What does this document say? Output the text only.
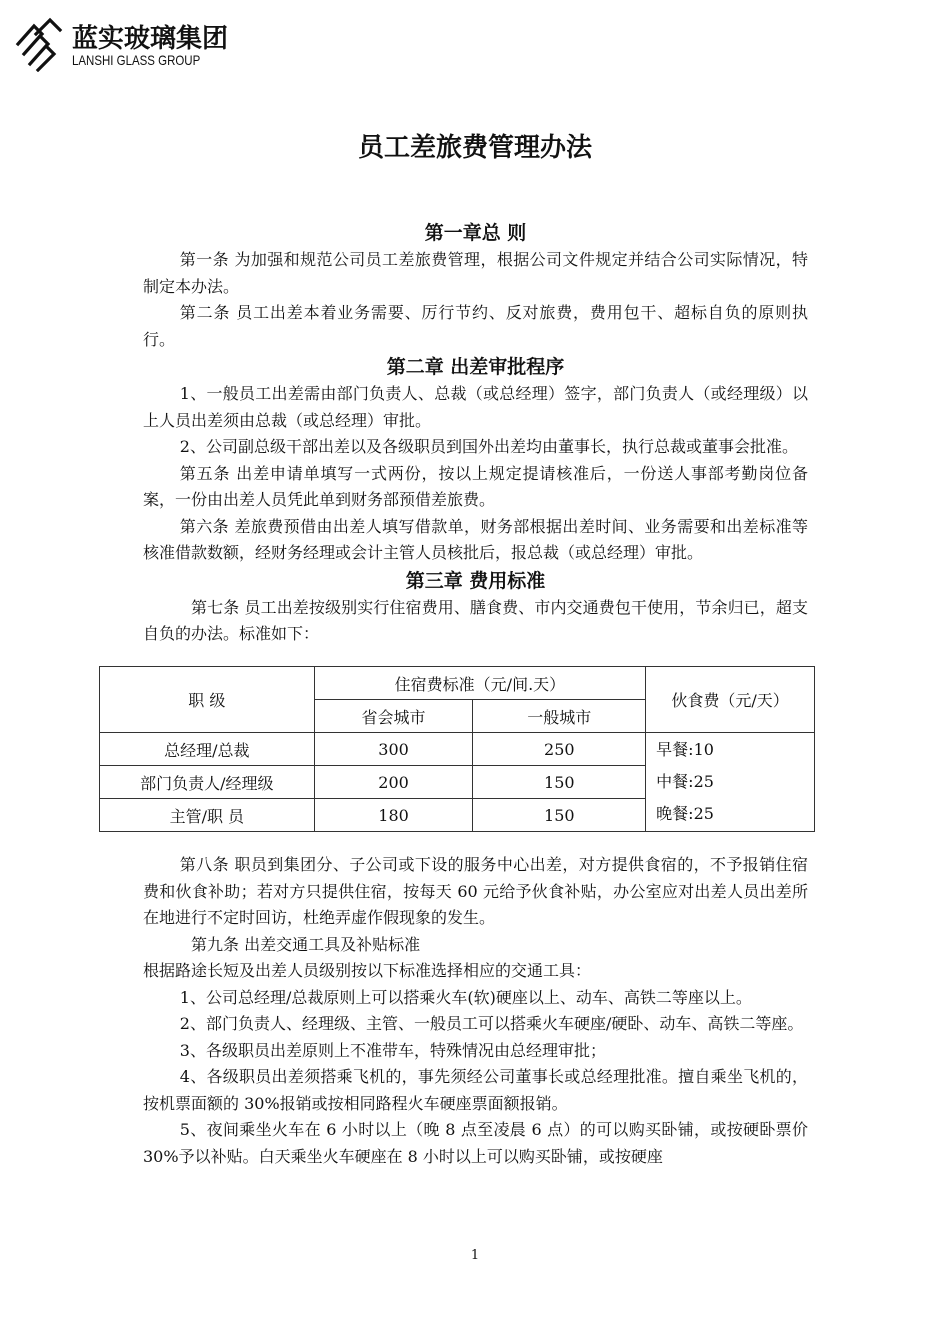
蓝实玻璃集团
LANSHI GLASS GROUP
员工差旅费管理办法
第一章总 则

第一条 为加强和规范公司员工差旅费管理，根据公司文件规定并结合公司实际情况，特制定本办法。

第二条 员工出差本着业务需要、厉行节约、反对旅费，费用包干、超标自负的原则执行。

第二章 出差审批程序

1、一般员工出差需由部门负责人、总裁（或总经理）签字，部门负责人（或经理级）以上人员出差须由总裁（或总经理）审批。

2、公司副总级干部出差以及各级职员到国外出差均由董事长，执行总裁或董事会批准。

第五条 出差申请单填写一式两份，按以上规定提请核准后，一份送人事部考勤岗位备案，一份由出差人员凭此单到财务部预借差旅费。

第六条 差旅费预借由出差人填写借款单，财务部根据出差时间、业务需要和出差标准等核准借款数额，经财务经理或会计主管人员核批后，报总裁（或总经理）审批。

第三章 费用标准

第七条 员工出差按级别实行住宿费用、膳食费、市内交通费包干使用，节余归已，超支自负的办法。标准如下：

职 级	住宿费标准（元/间.天）		伙食费（元/天）
	省会城市	一般城市	
总经理/总裁	300	250	早餐:10
中餐:25
晚餐:25

部门负责人/经理级	200	150	
主管/职 员	180	150	

第八条 职员到集团分、子公司或下设的服务中心出差，对方提供食宿的，不予报销住宿费和伙食补助；若对方只提供住宿，按每天 60 元给予伙食补贴，办公室应对出差人员出差所在地进行不定时回访，杜绝弄虚作假现象的发生。

第九条 出差交通工具及补贴标准

根据路途长短及出差人员级别按以下标准选择相应的交通工具：

1、公司总经理/总裁原则上可以搭乘火车(软)硬座以上、动车、高铁二等座以上。

2、部门负责人、经理级、主管、一般员工可以搭乘火车硬座/硬卧、动车、高铁二等座。

3、各级职员出差原则上不准带车，特殊情况由总经理审批；

4、各级职员出差须搭乘飞机的，事先须经公司董事长或总经理批准。擅自乘坐飞机的，按机票面额的 30%报销或按相同路程火车硬座票面额报销。

5、夜间乘坐火车在 6 小时以上（晚 8 点至凌晨 6 点）的可以购买卧铺，或按硬卧票价 30%予以补贴。白天乘坐火车硬座在 8 小时以上可以购买卧铺，或按硬座

1
